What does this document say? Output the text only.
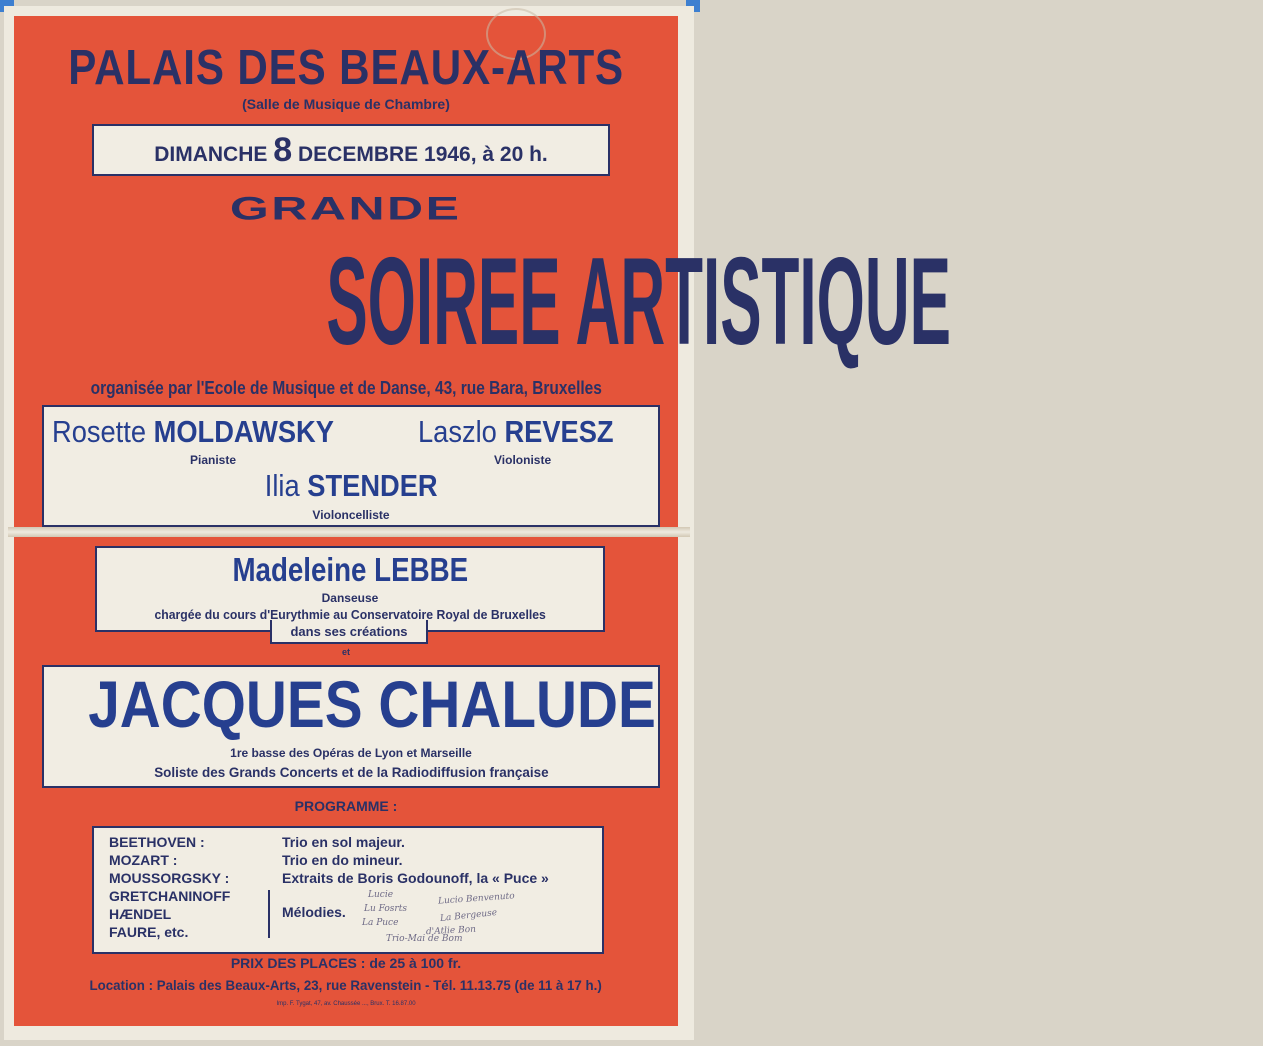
PALAIS DES BEAUX-ARTS
(Salle de Musique de Chambre)
DIMANCHE 8 DECEMBRE 1946, à 20 h.
GRANDE
SOIREE ARTISTIQUE
organisée par l'Ecole de Musique et de Danse, 43, rue Bara, Bruxelles
Rosette MOLDAWSKY
Pianiste
Laszlo REVESZ
Violoniste
Ilia STENDER
Violoncelliste
Madeleine LEBBE
Danseuse
chargée du cours d'Eurythmie au Conservatoire Royal de Bruxelles
dans ses créations
et
JACQUES CHALUDE
1re basse des Opéras de Lyon et Marseille
Soliste des Grands Concerts et de la Radiodiffusion française
PROGRAMME :
BEETHOVEN :
MOZART :
MOUSSORGSKY :
GRETCHANINOFF
HÆNDEL
FAURE, etc.
Trio en sol majeur.
Trio en do mineur.
Extraits de Boris Godounoff, la « Puce »
Mélodies.
Lucie
Lu Fosrts
La Puce
Trio-Mai de Bom
Lucio Benvenuto
La Bergeuse
d'Atlie Bon
PRIX DES PLACES : de 25 à 100 fr.
Location : Palais des Beaux-Arts, 23, rue Ravenstein - Tél. 11.13.75 (de 11 à 17 h.)
Imp. F. Tygat, 47, av. Chaussée ..., Brux. T. 16.87.00
